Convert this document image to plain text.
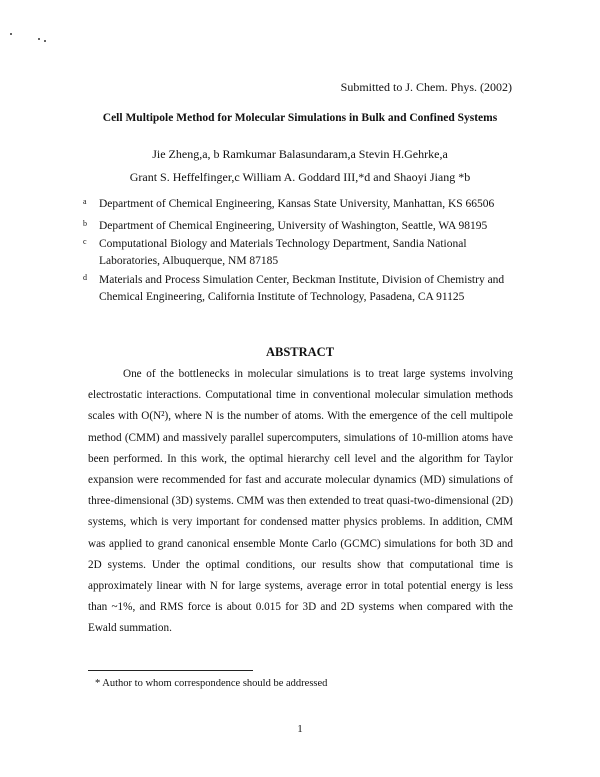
Submitted to J. Chem. Phys. (2002)
Cell Multipole Method for Molecular Simulations in Bulk and Confined Systems
Jie Zheng,a, b Ramkumar Balasundaram,a Stevin H.Gehrke,a
Grant S. Heffelfinger,c William A. Goddard III,*d and Shaoyi Jiang *b
a	Department of Chemical Engineering, Kansas State University, Manhattan, KS 66506
b	Department of Chemical Engineering, University of Washington, Seattle, WA 98195
c	Computational Biology and Materials Technology Department, Sandia National Laboratories, Albuquerque, NM 87185
d	Materials and Process Simulation Center, Beckman Institute, Division of Chemistry and Chemical Engineering, California Institute of Technology, Pasadena, CA 91125
ABSTRACT
One of the bottlenecks in molecular simulations is to treat large systems involving electrostatic interactions. Computational time in conventional molecular simulation methods scales with O(N²), where N is the number of atoms. With the emergence of the cell multipole method (CMM) and massively parallel supercomputers, simulations of 10-million atoms have been performed. In this work, the optimal hierarchy cell level and the algorithm for Taylor expansion were recommended for fast and accurate molecular dynamics (MD) simulations of three-dimensional (3D) systems. CMM was then extended to treat quasi-two-dimensional (2D) systems, which is very important for condensed matter physics problems. In addition, CMM was applied to grand canonical ensemble Monte Carlo (GCMC) simulations for both 3D and 2D systems. Under the optimal conditions, our results show that computational time is approximately linear with N for large systems, average error in total potential energy is less than ~1%, and RMS force is about 0.015 for 3D and 2D systems when compared with the Ewald summation.
* Author to whom correspondence should be addressed
1
